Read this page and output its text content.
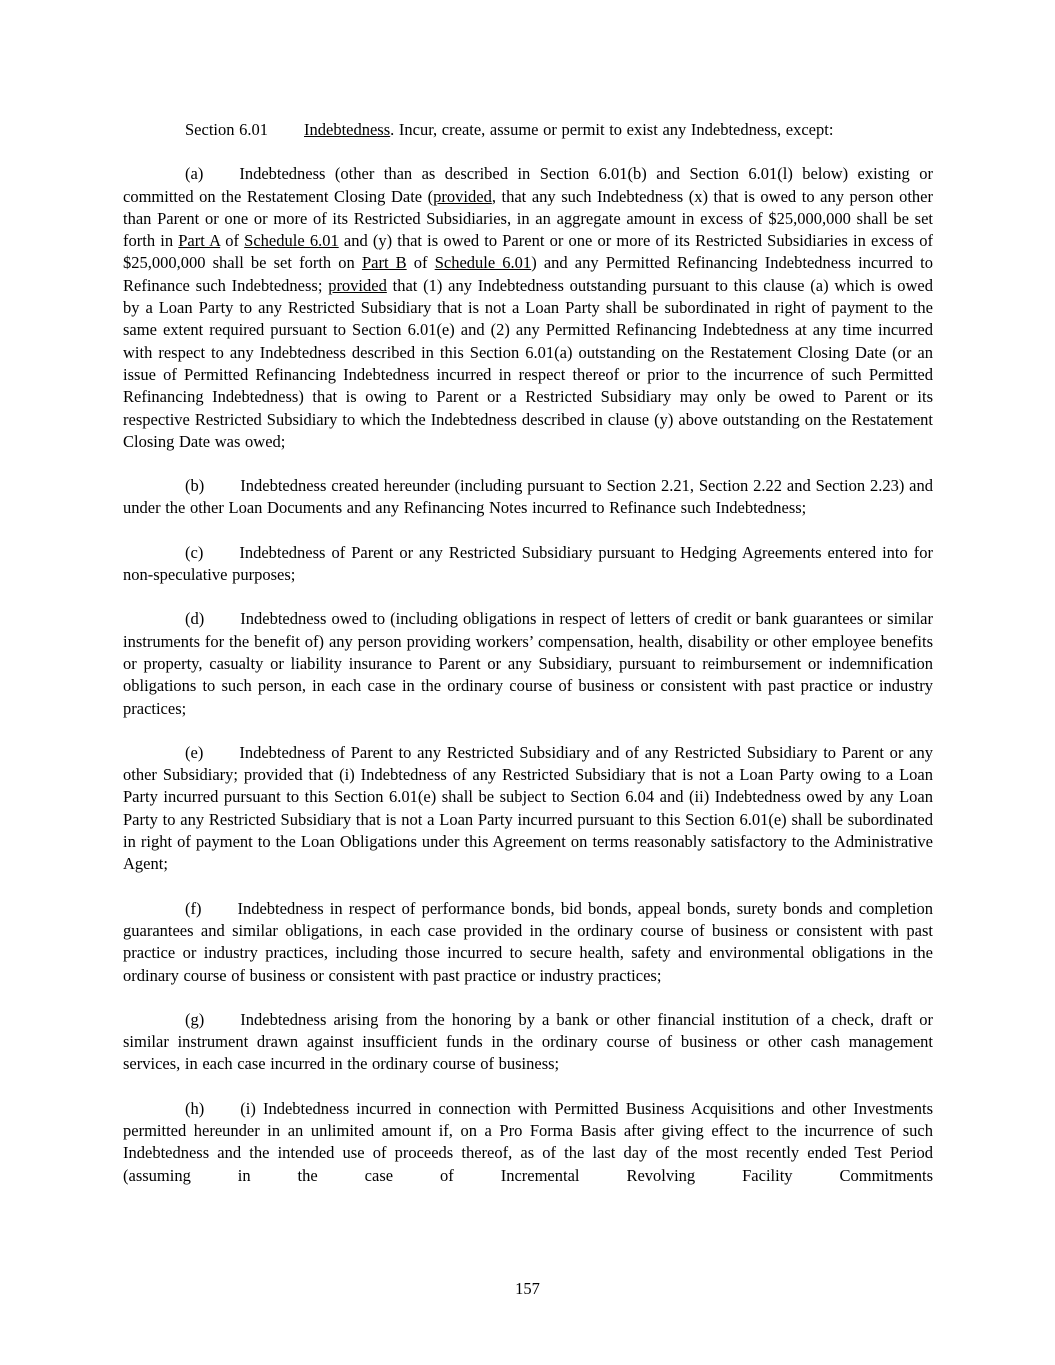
Section 6.01 Indebtedness. Incur, create, assume or permit to exist any Indebtedness, except:

(a) Indebtedness (other than as described in Section 6.01(b) and Section 6.01(l) below) existing or committed on the Restatement Closing Date (provided, that any such Indebtedness (x) that is owed to any person other than Parent or one or more of its Restricted Subsidiaries, in an aggregate amount in excess of $25,000,000 shall be set forth in Part A of Schedule 6.01 and (y) that is owed to Parent or one or more of its Restricted Subsidiaries in excess of $25,000,000 shall be set forth on Part B of Schedule 6.01) and any Permitted Refinancing Indebtedness incurred to Refinance such Indebtedness; provided that (1) any Indebtedness outstanding pursuant to this clause (a) which is owed by a Loan Party to any Restricted Subsidiary that is not a Loan Party shall be subordinated in right of payment to the same extent required pursuant to Section 6.01(e) and (2) any Permitted Refinancing Indebtedness at any time incurred with respect to any Indebtedness described in this Section 6.01(a) outstanding on the Restatement Closing Date (or an issue of Permitted Refinancing Indebtedness incurred in respect thereof or prior to the incurrence of such Permitted Refinancing Indebtedness) that is owing to Parent or a Restricted Subsidiary may only be owed to Parent or its respective Restricted Subsidiary to which the Indebtedness described in clause (y) above outstanding on the Restatement Closing Date was owed;

(b) Indebtedness created hereunder (including pursuant to Section 2.21, Section 2.22 and Section 2.23) and under the other Loan Documents and any Refinancing Notes incurred to Refinance such Indebtedness;

(c) Indebtedness of Parent or any Restricted Subsidiary pursuant to Hedging Agreements entered into for non-speculative purposes;

(d) Indebtedness owed to (including obligations in respect of letters of credit or bank guarantees or similar instruments for the benefit of) any person providing workers’ compensation, health, disability or other employee benefits or property, casualty or liability insurance to Parent or any Subsidiary, pursuant to reimbursement or indemnification obligations to such person, in each case in the ordinary course of business or consistent with past practice or industry practices;

(e) Indebtedness of Parent to any Restricted Subsidiary and of any Restricted Subsidiary to Parent or any other Subsidiary; provided that (i) Indebtedness of any Restricted Subsidiary that is not a Loan Party owing to a Loan Party incurred pursuant to this Section 6.01(e) shall be subject to Section 6.04 and (ii) Indebtedness owed by any Loan Party to any Restricted Subsidiary that is not a Loan Party incurred pursuant to this Section 6.01(e) shall be subordinated in right of payment to the Loan Obligations under this Agreement on terms reasonably satisfactory to the Administrative Agent;

(f) Indebtedness in respect of performance bonds, bid bonds, appeal bonds, surety bonds and completion guarantees and similar obligations, in each case provided in the ordinary course of business or consistent with past practice or industry practices, including those incurred to secure health, safety and environmental obligations in the ordinary course of business or consistent with past practice or industry practices;

(g) Indebtedness arising from the honoring by a bank or other financial institution of a check, draft or similar instrument drawn against insufficient funds in the ordinary course of business or other cash management services, in each case incurred in the ordinary course of business;

(h) (i) Indebtedness incurred in connection with Permitted Business Acquisitions and other Investments permitted hereunder in an unlimited amount if, on a Pro Forma Basis after giving effect to the incurrence of such Indebtedness and the intended use of proceeds thereof, as of the last day of the most recently ended Test Period (assuming in the case of Incremental Revolving Facility Commitments

157
